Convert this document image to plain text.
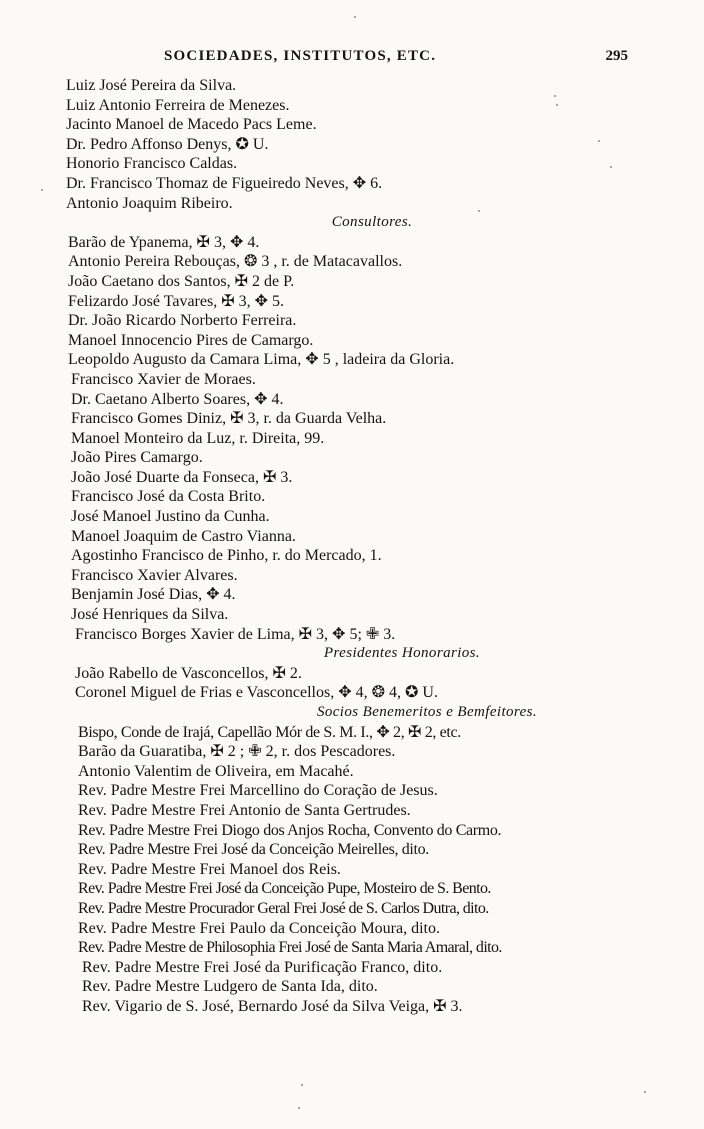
SOCIEDADES, INSTITUTOS, ETC.	295
Luiz José Pereira da Silva.
Luiz Antonio Ferreira de Menezes.
Jacinto Manoel de Macedo Pacs Leme.
Dr. Pedro Affonso Denys, ✪ U.
Honorio Francisco Caldas.
Dr. Francisco Thomaz de Figueiredo Neves, ✥ 6.
Antonio Joaquim Ribeiro.
Consultores.
Barão de Ypanema, ✠ 3, ✥ 4.
Antonio Pereira Rebouças, ❂ 3 , r. de Matacavallos.
João Caetano dos Santos, ✠ 2 de P.
Felizardo José Tavares, ✠ 3, ✥ 5.
Dr. João Ricardo Norberto Ferreira.
Manoel Innocencio Pires de Camargo.
Leopoldo Augusto da Camara Lima, ✥ 5 , ladeira da Gloria.
Francisco Xavier de Moraes.
Dr. Caetano Alberto Soares, ✥ 4.
Francisco Gomes Diniz, ✠ 3, r. da Guarda Velha.
Manoel Monteiro da Luz, r. Direita, 99.
João Pires Camargo.
João José Duarte da Fonseca, ✠ 3.
Francisco José da Costa Brito.
José Manoel Justino da Cunha.
Manoel Joaquim de Castro Vianna.
Agostinho Francisco de Pinho, r. do Mercado, 1.
Francisco Xavier Alvares.
Benjamin José Dias, ✥ 4.
José Henriques da Silva.
Francisco Borges Xavier de Lima, ✠ 3, ✥ 5; ✙ 3.
Presidentes Honorarios.
João Rabello de Vasconcellos, ✠ 2.
Coronel Miguel de Frias e Vasconcellos, ✥ 4, ❂ 4, ✪ U.
Socios Benemeritos e Bemfeitores.
Bispo, Conde de Irajá, Capellão Mór de S. M. I., ✥ 2, ✠ 2, etc.
Barão da Guaratiba, ✠ 2 ; ✙ 2, r. dos Pescadores.
Antonio Valentim de Oliveira, em Macahé.
Rev. Padre Mestre Frei Marcellino do Coração de Jesus.
Rev. Padre Mestre Frei Antonio de Santa Gertrudes.
Rev. Padre Mestre Frei Diogo dos Anjos Rocha, Convento do Carmo.
Rev. Padre Mestre Frei José da Conceição Meirelles, dito.
Rev. Padre Mestre Frei Manoel dos Reis.
Rev. Padre Mestre Frei José da Conceição Pupe, Mosteiro de S. Bento.
Rev. Padre Mestre Procurador Geral Frei José de S. Carlos Dutra, dito.
Rev. Padre Mestre Frei Paulo da Conceição Moura, dito.
Rev. Padre Mestre de Philosophia Frei José de Santa Maria Amaral, dito.
Rev. Padre Mestre Frei José da Purificação Franco, dito.
Rev. Padre Mestre Ludgero de Santa Ida, dito.
Rev. Vigario de S. José, Bernardo José da Silva Veiga, ✠ 3.
